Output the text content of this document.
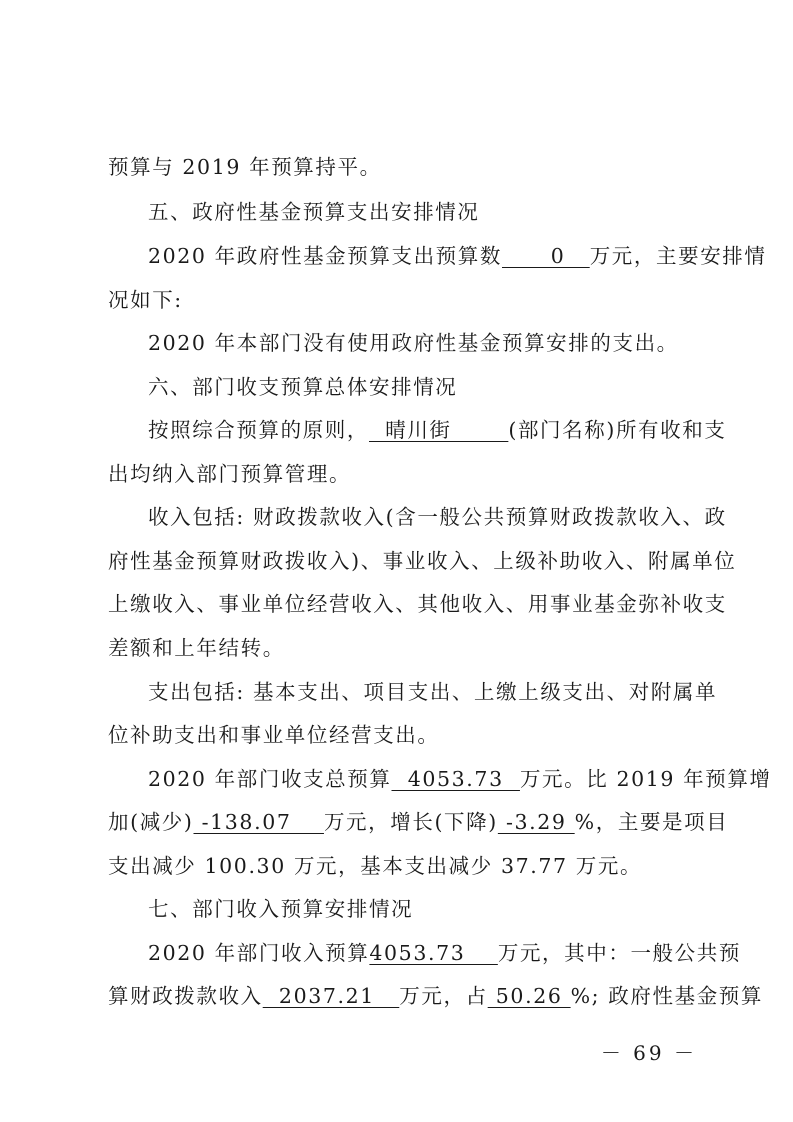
预算与 2019 年预算持平。
五、政府性基金预算支出安排情况
2020 年政府性基金预算支出预算数      0   万元，主要安排情
况如下:
2020 年本部门没有使用政府性基金预算安排的支出。
六、部门收支预算总体安排情况
按照综合预算的原则，  晴川街       (部门名称)所有收和支
出均纳入部门预算管理。
收入包括: 财政拨款收入(含一般公共预算财政拨款收入、政
府性基金预算财政拨收入)、事业收入、上级补助收入、附属单位
上缴收入、事业单位经营收入、其他收入、用事业基金弥补收支
差额和上年结转。
支出包括: 基本支出、项目支出、上缴上级支出、对附属单
位补助支出和事业单位经营支出。
2020 年部门收支总预算  4053.73  万元。比 2019 年预算增
加(减少) -138.07    万元，增长(下降) -3.29 %，主要是项目
支出减少 100.30 万元，基本支出减少 37.77 万元。
七、部门收入预算安排情况
2020 年部门收入预算4053.73    万元，其中：一般公共预
算财政拨款收入  2037.21   万元，占 50.26 %; 政府性基金预算
－ 69 －
